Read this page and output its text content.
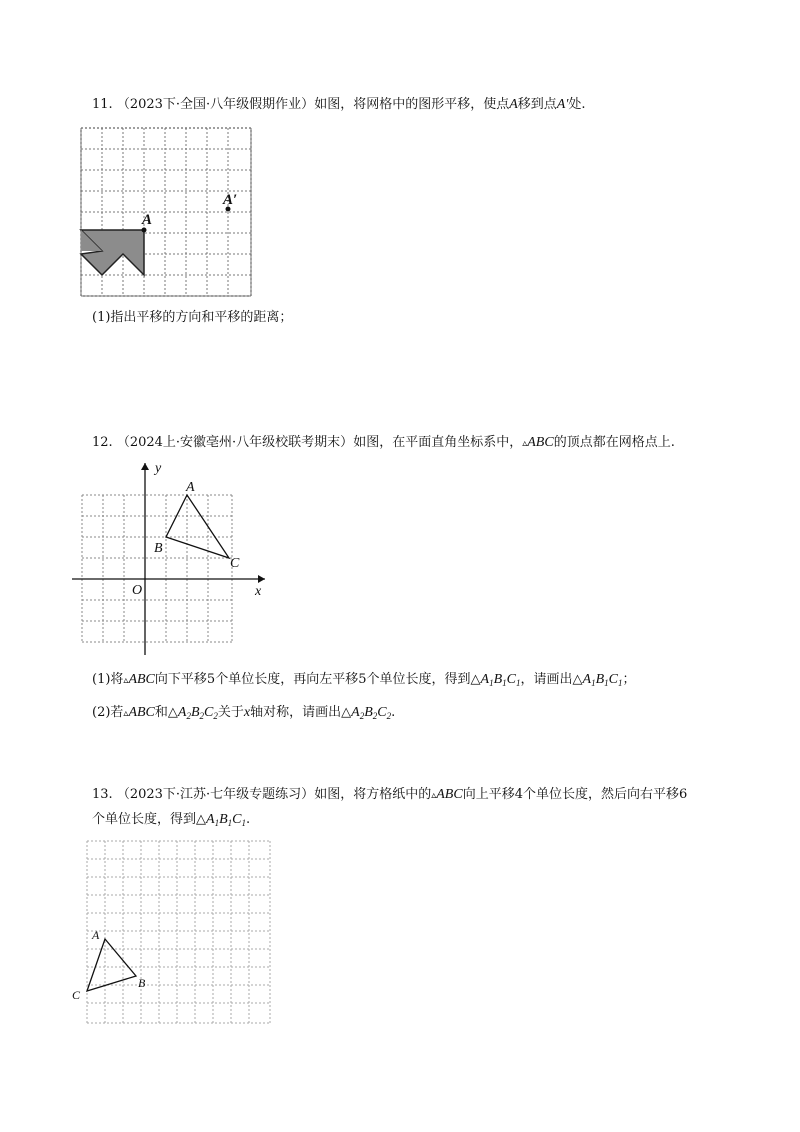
11. （2023下·全国·八年级假期作业）如图，将网格中的图形平移，使点A移到点A′处.
A
A′
(1)指出平移的方向和平移的距离；
12. （2024上·安徽亳州·八年级校联考期末）如图，在平面直角坐标系中，▵ABC的顶点都在网格点上.
y
x
O
A
B
C
(1)将▵ABC向下平移5个单位长度，再向左平移5个单位长度，得到$\triangle A_1B_1C_1$，请画出$\triangle A_1B_1C_1$；
(2)若▵ABC和$\triangle A_2B_2C_2$关于x轴对称，请画出$\triangle A_2B_2C_2$.
13. （2023下·江苏·七年级专题练习）如图，将方格纸中的▵ABC向上平移4个单位长度，然后向右平移6
个单位长度，得到$\triangle A_1B_1C_1$.
A
B
C
